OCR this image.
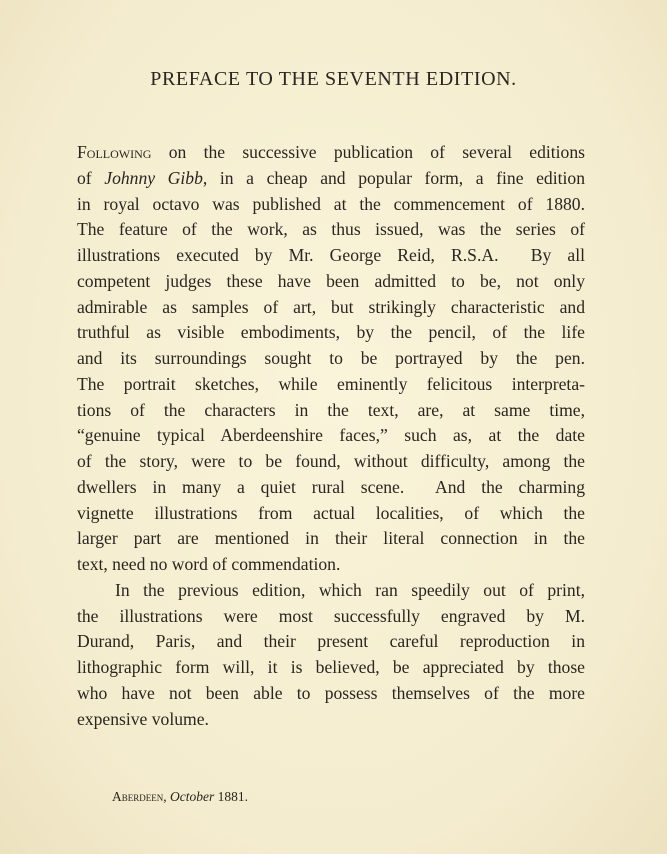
PREFACE TO THE SEVENTH EDITION.
Following on the successive publication of several editions
of Johnny Gibb, in a cheap and popular form, a fine edition
in royal octavo was published at the commencement of 1880.
The feature of the work, as thus issued, was the series of
illustrations executed by Mr. George Reid, R.S.A.  By all
competent judges these have been admitted to be, not only
admirable as samples of art, but strikingly characteristic and
truthful as visible embodiments, by the pencil, of the life
and its surroundings sought to be portrayed by the pen.
The portrait sketches, while eminently felicitous interpreta-
tions of the characters in the text, are, at same time,
“genuine typical Aberdeenshire faces,” such as, at the date
of the story, were to be found, without difficulty, among the
dwellers in many a quiet rural scene.  And the charming
vignette illustrations from actual localities, of which the
larger part are mentioned in their literal connection in the
text, need no word of commendation.
In the previous edition, which ran speedily out of print,
the illustrations were most successfully engraved by M.
Durand, Paris, and their present careful reproduction in
lithographic form will, it is believed, be appreciated by those
who have not been able to possess themselves of the more
expensive volume.
Aberdeen, October 1881.
